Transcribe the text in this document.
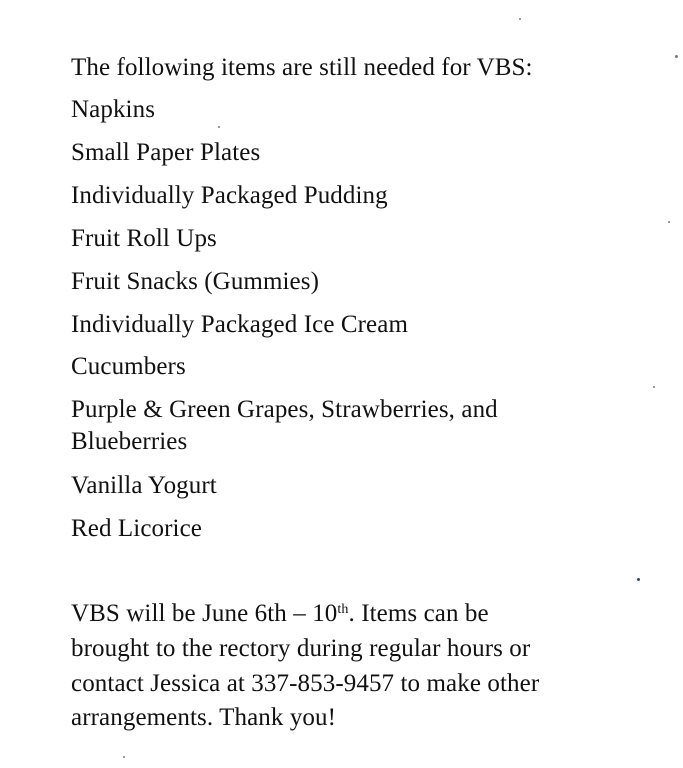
The following items are still needed for VBS:
Napkins
Small Paper Plates
Individually Packaged Pudding
Fruit Roll Ups
Fruit Snacks (Gummies)
Individually Packaged Ice Cream
Cucumbers
Purple & Green Grapes, Strawberries, and
Blueberries
Vanilla Yogurt
Red Licorice
VBS will be June 6th – 10th. Items can be
brought to the rectory during regular hours or
contact Jessica at 337-853-9457 to make other
arrangements. Thank you!
